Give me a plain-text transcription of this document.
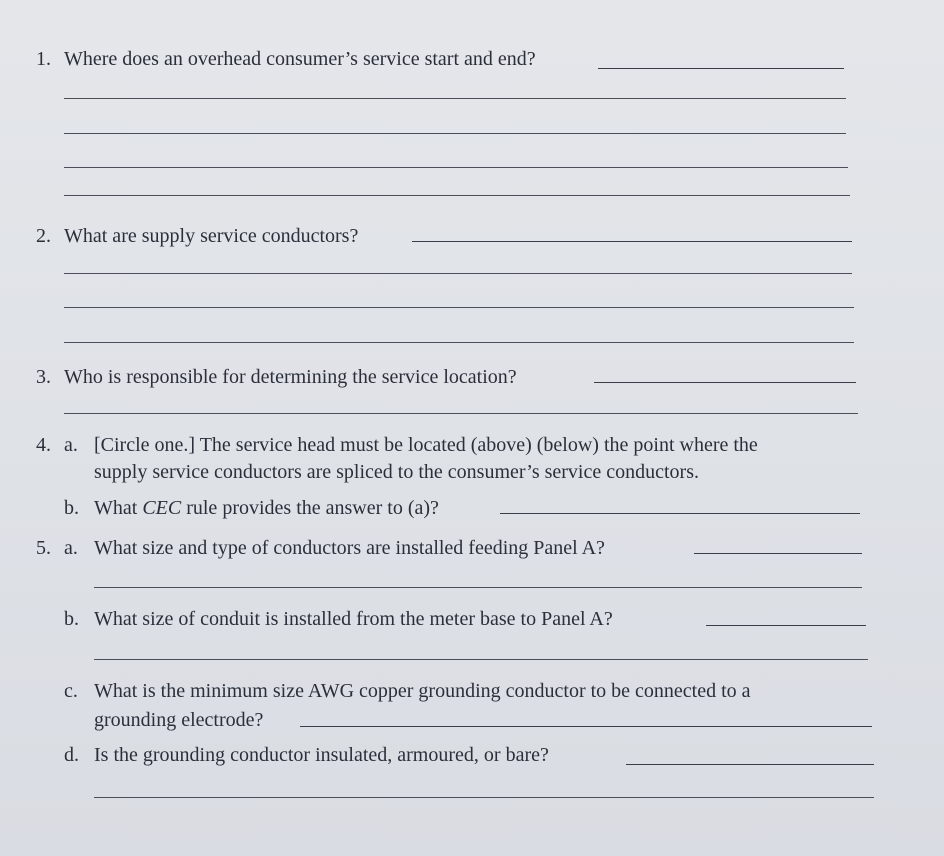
1. Where does an overhead consumer’s service start and end?
2. What are supply service conductors?
3. Who is responsible for determining the service location?
4. a. [Circle one.] The service head must be located (above) (below) the point where the
supply service conductors are spliced to the consumer’s service conductors.
b. What CEC rule provides the answer to (a)?
5. a. What size and type of conductors are installed feeding Panel A?
b. What size of conduit is installed from the meter base to Panel A?
c. What is the minimum size AWG copper grounding conductor to be connected to a
grounding electrode?
d. Is the grounding conductor insulated, armoured, or bare?
